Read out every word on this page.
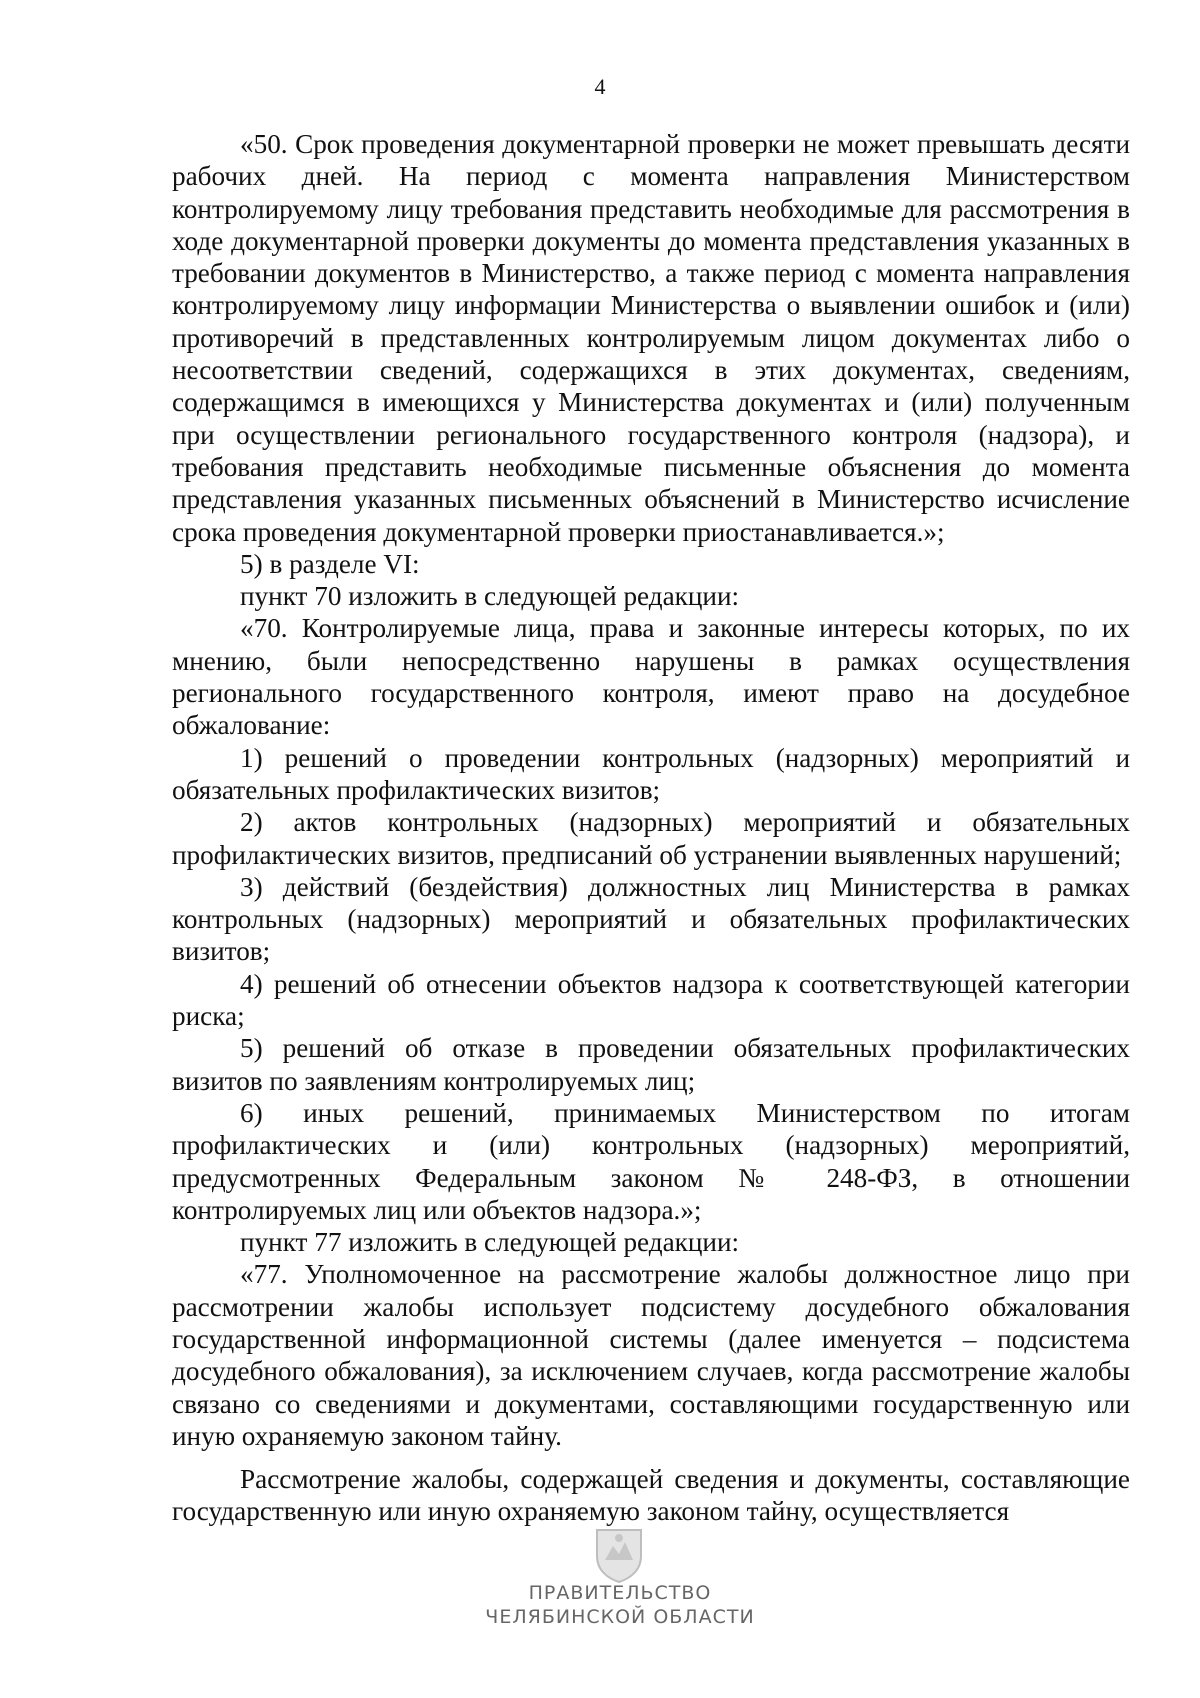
4

«50. Срок проведения документарной проверки не может превышать десяти рабочих дней. На период с момента направления Министерством контролируемому лицу требования представить необходимые для рассмотрения в ходе документарной проверки документы до момента представления указанных в требовании документов в Министерство, а также период с момента направления контролируемому лицу информации Министерства о выявлении ошибок и (или) противоречий в представленных контролируемым лицом документах либо о несоответствии сведений, содержащихся в этих документах, сведениям, содержащимся в имеющихся у Министерства документах и (или) полученным при осуществлении регионального государственного контроля (надзора), и требования представить необходимые письменные объяснения до момента представления указанных письменных объяснений в Министерство исчисление срока проведения документарной проверки приостанавливается.»;

5) в разделе VI:

пункт 70 изложить в следующей редакции:

«70. Контролируемые лица, права и законные интересы которых, по их мнению, были непосредственно нарушены в рамках осуществления регионального государственного контроля, имеют право на досудебное обжалование:

1) решений о проведении контрольных (надзорных) мероприятий и обязательных профилактических визитов;

2) актов контрольных (надзорных) мероприятий и обязательных профилактических визитов, предписаний об устранении выявленных нарушений;

3) действий (бездействия) должностных лиц Министерства в рамках контрольных (надзорных) мероприятий и обязательных профилактических визитов;

4) решений об отнесении объектов надзора к соответствующей категории риска;

5) решений об отказе в проведении обязательных профилактических визитов по заявлениям контролируемых лиц;

6) иных решений, принимаемых Министерством по итогам профилактических и (или) контрольных (надзорных) мероприятий, предусмотренных Федеральным законом № 248-ФЗ, в отношении контролируемых лиц или объектов надзора.»;

пункт 77 изложить в следующей редакции:

«77. Уполномоченное на рассмотрение жалобы должностное лицо при рассмотрении жалобы использует подсистему досудебного обжалования государственной информационной системы (далее именуется – подсистема досудебного обжалования), за исключением случаев, когда рассмотрение жалобы связано со сведениями и документами, составляющими государственную или иную охраняемую законом тайну.

Рассмотрение жалобы, содержащей сведения и документы, составляющие государственную или иную охраняемую законом тайну, осуществляется

ПРАВИТЕЛЬСТВО
ЧЕЛЯБИНСКОЙ ОБЛАСТИ
